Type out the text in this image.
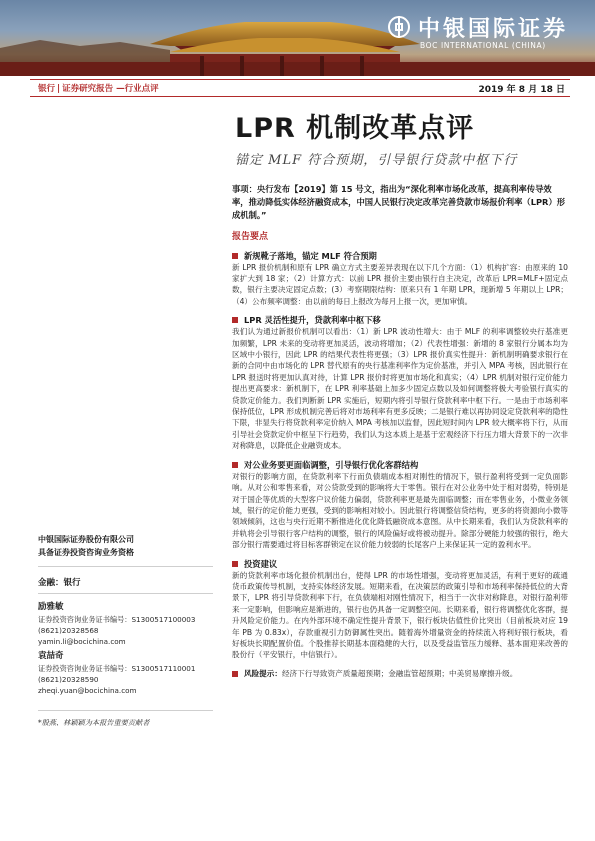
中银国际证券
BOC INTERNATIONAL (CHINA)
银行 | 证券研究报告 —行业点评	2019 年 8 月 18 日
LPR 机制改革点评
锚定 MLF 符合预期，引导银行贷款中枢下行

事项：央行发布【2019】第 15 号文，指出为“深化利率市场化改革，提高利率传导效率，推动降低实体经济融资成本，中国人民银行决定改革完善贷款市场报价利率（LPR）形成机制。”

报告要点
新规靴子落地，锚定 MLF 符合预期

新 LPR 报价机制和原有 LPR 确立方式主要差异表现在以下几个方面：（1）机构扩容：由原来的 10 家扩大到 18 家；（2）计算方式：以前 LPR 报价主要由银行自主决定，改革后 LPR=MLF+固定点数，银行主要决定固定点数；(3）考察期限结构：原来只有 1 年期 LPR，现新增 5 年期以上 LPR；（4）公布频率调整：由以前的每日上报改为每月上报一次，更加审慎。

LPR 灵活性提升，贷款利率中枢下移

我们认为通过新报价机制可以看出：（1）新 LPR 波动性增大：由于 MLF 的利率调整较央行基准更加频繁，LPR 未来的变动将更加灵活，波动将增加；（2）代表性增强：新增的 8 家银行分属本均为区域中小银行，因此 LPR 的结果代表性将更强；（3）LPR 报价真实性提升：新机制明确要求银行在新的合同中由市场化的 LPR 替代原有的央行基准利率作为定价基准，并引入 MPA 考核，因此银行在 LPR 报送时将更加认真对待，计算 LPR 报价时将更加市场化和真实；（4）LPR 机制对银行定价能力提出更高要求：新机制下，在 LPR 利率基础上加多少固定点数以及如何调整将极大考验银行真实的贷款定价能力。我们判断新 LPR 实施后，短期内将引导银行贷款利率中枢下行。一是由于市场利率保持低位，LPR 形成机制完善后将对市场利率有更多反映；二是银行难以再协同设定贷款利率的隐性下限，非显失行将贷款利率定价纳入 MPA 考核加以监督，因此短时间内 LPR 较大概率将下行，从而引导社会贷款定价中枢呈下行趋势，我们认为这本质上是基于宏观经济下行压力增大背景下的一次非对称降息，以降低企业融资成本。

对公业务要更面临调整，引导银行优化客群结构

对银行的影响方面，在贷款利率下行而负债端成本相对刚性的情况下，银行盈利将受到一定负面影响。从对公和零售来看，对公贷款受到的影响将大于零售。银行在对公业务中处于相对弱势，特别是对于国企等优质的大型客户议价能力偏弱，贷款利率更是最先面临调整；而在零售业务，小微业务领域，银行的定价能力更强，受到的影响相对较小。因此银行将调整信贷结构，更多的将资源向小微等领域倾斜，这也与央行近期不断推进化优化降低融资成本意图。从中长期来看，我们认为贷款利率的并轨将会引导银行客户结构的调整，银行的风险偏好或将被动提升。除部分硬能力较强的银行，绝大部分银行需要通过将目标客群锁定在议价能力较弱的长尾客户上来保证其一定的盈利水平。

投资建议

新的贷款利率市场化报价机制出台，使得 LPR 的市场性增强，变动将更加灵活，有利于更好的疏通货币政策传导机制，支持实体经济发展。短期来看，在决策层的政策引导和市场利率保持低位的大背景下，LPR 将引导贷款利率下行，在负债端相对刚性情况下，相当于一次非对称降息，对银行盈利带来一定影响，但影响应是渐进的，银行也仍具备一定调整空间。长期来看，银行将调整优化客群，提升风险定价能力。在内外部环境不确定性提升背景下，银行板块估值性价比突出（目前板块对应 19 年 PB 为 0.83x），存款重视引力防御属性突出。随着海外增量资金的持续流入将利好银行板块，看好板块长期配置价值。个股推荐长期基本面稳健的大行，以及受益监管压力缓释、基本面迎来改善的股份行（平安银行，中信银行）。

风险提示：经济下行导致资产质量超预期；金融监管超预期；中美贸易摩擦升级。
中银国际证券股份有限公司
具备证券投资咨询业务资格
金融：银行
励雅敏
证券投资咨询业务证书编号：S1300517100003
(8621)20328568
yamin.li@bocichina.com
袁喆奇
证券投资咨询业务证书编号：S1300517110001
(8621)20328590
zheqi.yuan@bocichina.com
*殷燕、林颖颖为本报告重要贡献者
